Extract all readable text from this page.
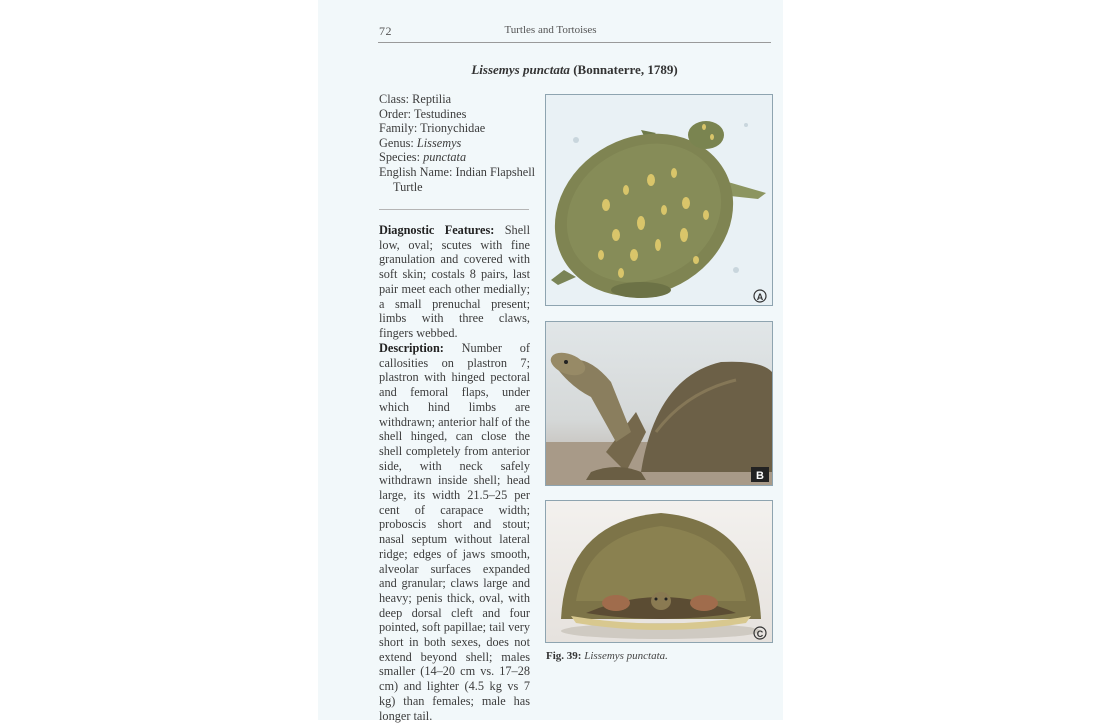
72	Turtles and Tortoises
Lissemys punctata (Bonnaterre, 1789)
Class: Reptilia
Order: Testudines
Family: Trionychidae
Genus: Lissemys
Species: punctata
English Name: Indian Flapshell
Turtle
Diagnostic Features: Shell low, oval; scutes with fine granulation and covered with soft skin; costals 8 pairs, last pair meet each other medially; a small prenuchal present; limbs with three claws, fingers webbed.
Description: Number of callosities on plastron 7; plastron with hinged pectoral and femoral flaps, under which hind limbs are withdrawn; anterior half of the shell hinged, can close the shell completely from anterior side, with neck safely withdrawn inside shell; head large, its width 21.5–25 per cent of carapace width; proboscis short and stout; nasal septum without lateral ridge; edges of jaws smooth, alveolar surfaces expanded and granular; claws large and heavy; penis thick, oval, with deep dorsal cleft and four pointed, soft papillae; tail very short in both sexes, does not extend beyond shell; males smaller (14–20 cm vs. 17–28 cm) and lighter (4.5 kg vs 7 kg) than females; male has longer tail.
A
B
C
Fig. 39: Lissemys punctata.
